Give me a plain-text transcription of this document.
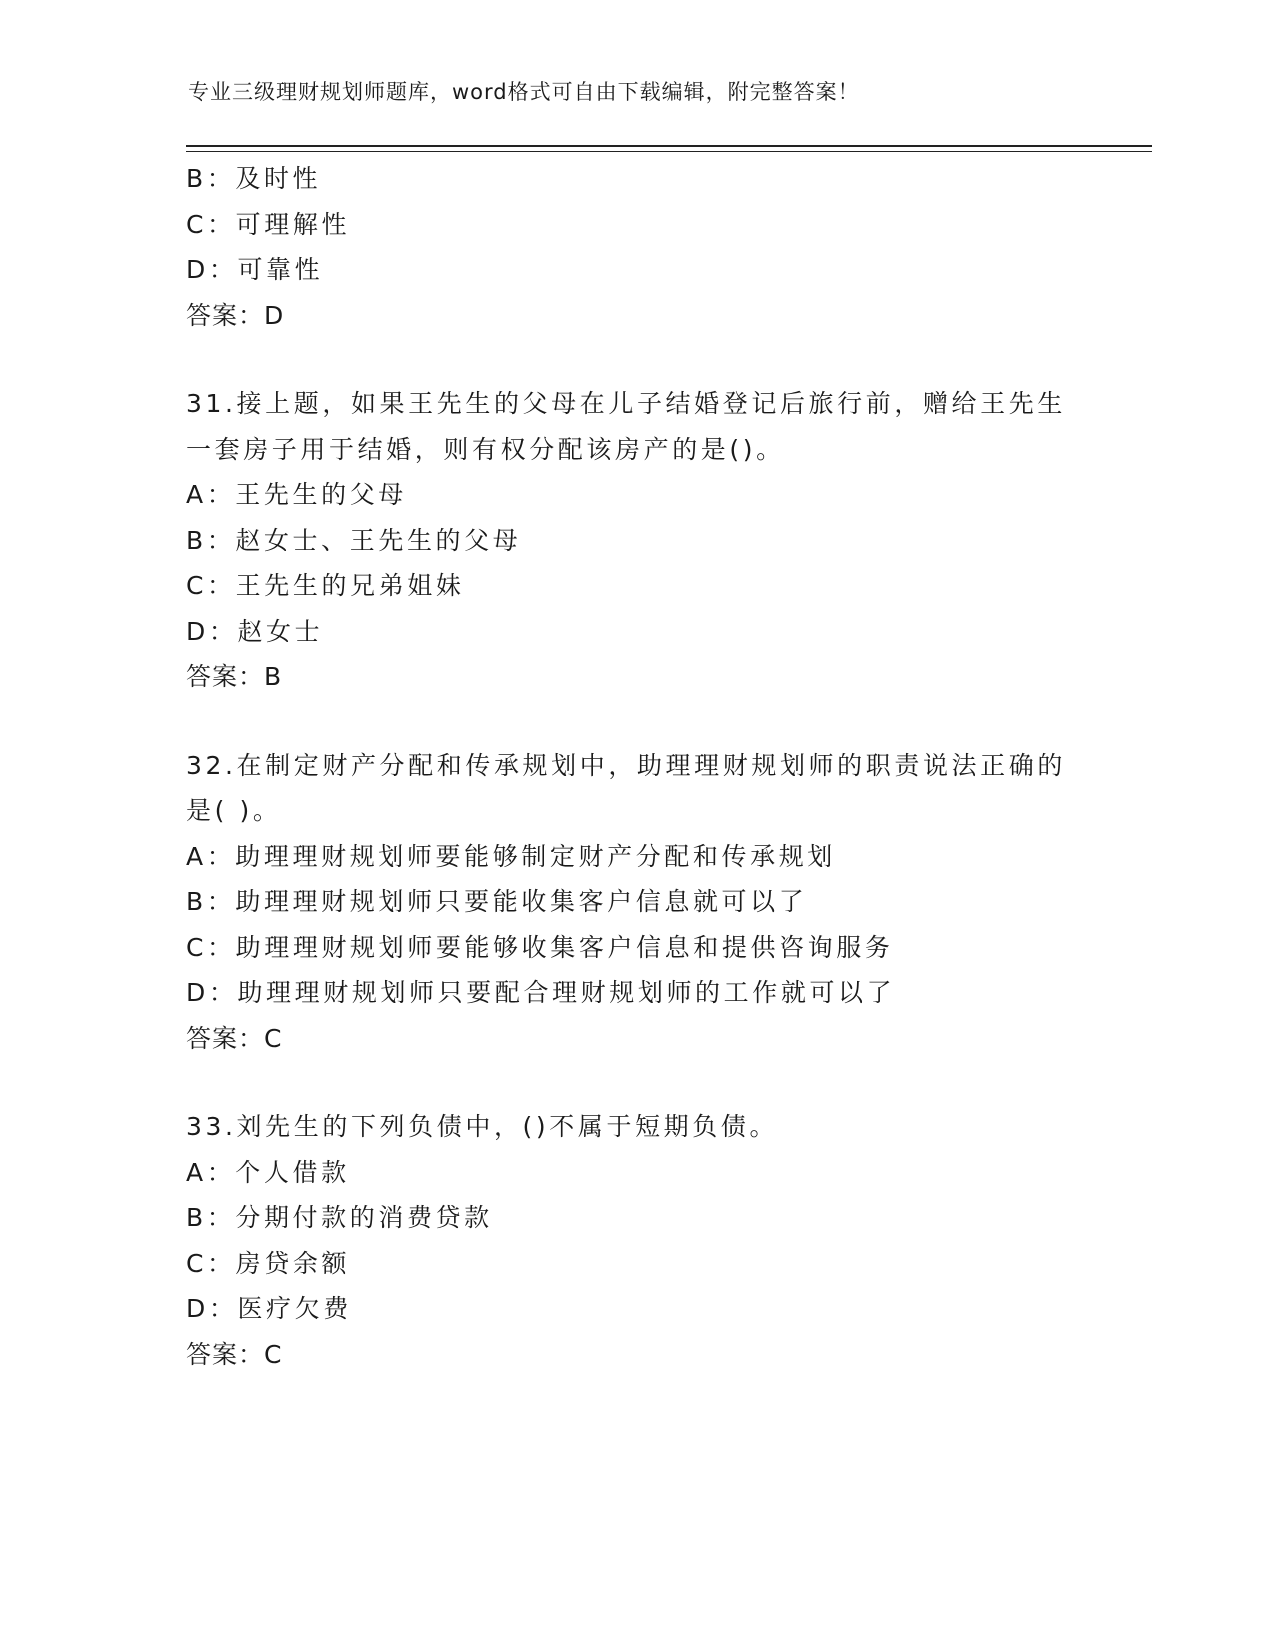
专业三级理财规划师题库，word格式可自由下载编辑，附完整答案！
B：及时性
C：可理解性
D：可靠性
答案：D
31.接上题，如果王先生的父母在儿子结婚登记后旅行前，赠给王先生
一套房子用于结婚，则有权分配该房产的是()。
A：王先生的父母
B：赵女士、王先生的父母
C：王先生的兄弟姐妹
D：赵女士
答案：B
32.在制定财产分配和传承规划中，助理理财规划师的职责说法正确的
是( )。
A：助理理财规划师要能够制定财产分配和传承规划
B：助理理财规划师只要能收集客户信息就可以了
C：助理理财规划师要能够收集客户信息和提供咨询服务
D：助理理财规划师只要配合理财规划师的工作就可以了
答案：C
33.刘先生的下列负债中，()不属于短期负债。
A：个人借款
B：分期付款的消费贷款
C：房贷余额
D：医疗欠费
答案：C
